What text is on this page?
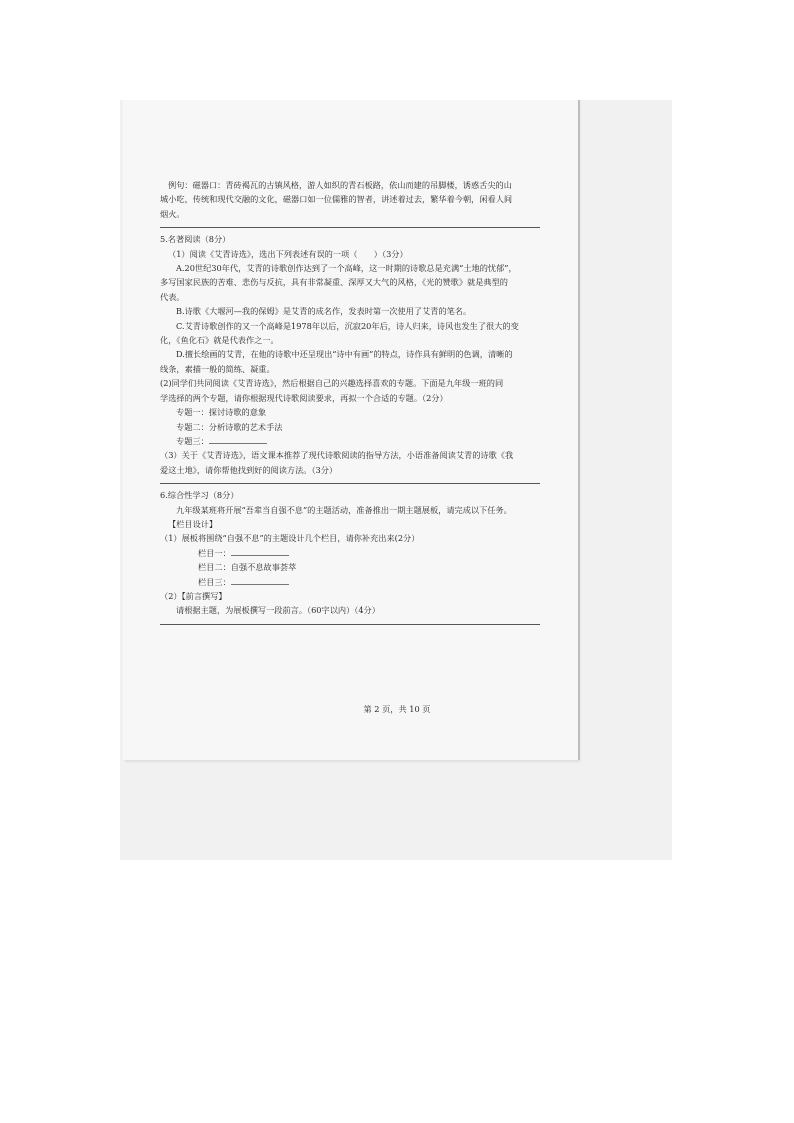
例句：磁器口：青砖褐瓦的古镇风格，游人如织的青石板路，依山而建的吊脚楼，诱惑舌尖的山

城小吃，传统和现代交融的文化，磁器口如一位儒雅的智者，讲述着过去，繁华着今朝，闲看人间

烟火。

5.名著阅读（8分）

（1）阅读《艾青诗选》，选出下列表述有误的一项（　　）（3分）

A.20世纪30年代，艾青的诗歌创作达到了一个高峰，这一时期的诗歌总是充满“土地的忧郁”，

多写国家民族的苦难、悲伤与反抗，具有非常凝重、深厚又大气的风格，《光的赞歌》就是典型的

代表。

B.诗歌《大堰河—我的保姆》是艾青的成名作，发表时第一次使用了艾青的笔名。

C.艾青诗歌创作的又一个高峰是1978年以后，沉寂20年后，诗人归来，诗风也发生了很大的变

化，《鱼化石》就是代表作之一。

D.擅长绘画的艾青，在他的诗歌中还呈现出“诗中有画”的特点，诗作具有鲜明的色调，清晰的

线条，素描一般的简练、凝重。

(2)同学们共同阅读《艾青诗选》，然后根据自己的兴趣选择喜欢的专题。下面是九年级一班的同

学选择的两个专题，请你根据现代诗歌阅读要求，再拟一个合适的专题。（2分）

专题一：探讨诗歌的意象

专题二：分析诗歌的艺术手法

专题三：

（3）关于《艾青诗选》，语文课本推荐了现代诗歌阅读的指导方法，小语准备阅读艾青的诗歌《我

爱这土地》，请你帮他找到好的阅读方法。（3分）

6.综合性学习（8分）

九年级某班将开展“吾辈当自强不息”的主题活动，准备推出一期主题展板，请完成以下任务。

【栏目设计】

（1）展板将围绕“自强不息”的主题设计几个栏目，请你补充出来(2分）

栏目一：

栏目二：自强不息故事荟萃

栏目三：

（2）【前言撰写】

请根据主题，为展板撰写一段前言。（60字以内）（4分）

第 2 页，共 10 页
